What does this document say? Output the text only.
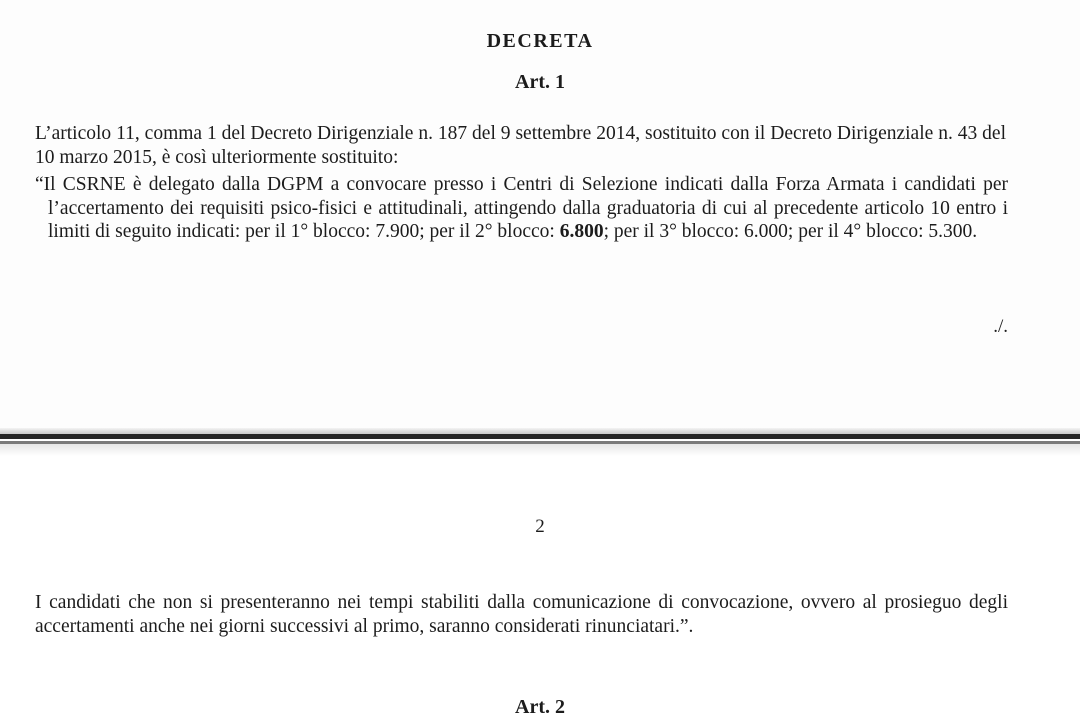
DECRETA
Art. 1

L’articolo 11, comma 1 del Decreto Dirigenziale n. 187 del 9 settembre 2014, sostituito con il Decreto Dirigenziale n. 43 del 10 marzo 2015, è così ulteriormente sostituito:

“Il CSRNE è delegato dalla DGPM a convocare presso i Centri di Selezione indicati dalla Forza Armata i candidati per l’accertamento dei requisiti psico-fisici e attitudinali, attingendo dalla graduatoria di cui al precedente articolo 10 entro i limiti di seguito indicati: per il 1° blocco: 7.900; per il 2° blocco: 6.800; per il 3° blocco: 6.000; per il 4° blocco: 5.300.

./.

2

I candidati che non si presenteranno nei tempi stabiliti dalla comunicazione di convocazione, ovvero al prosieguo degli accertamenti anche nei giorni successivi al primo, saranno considerati rinunciatari.”.

Art. 2
